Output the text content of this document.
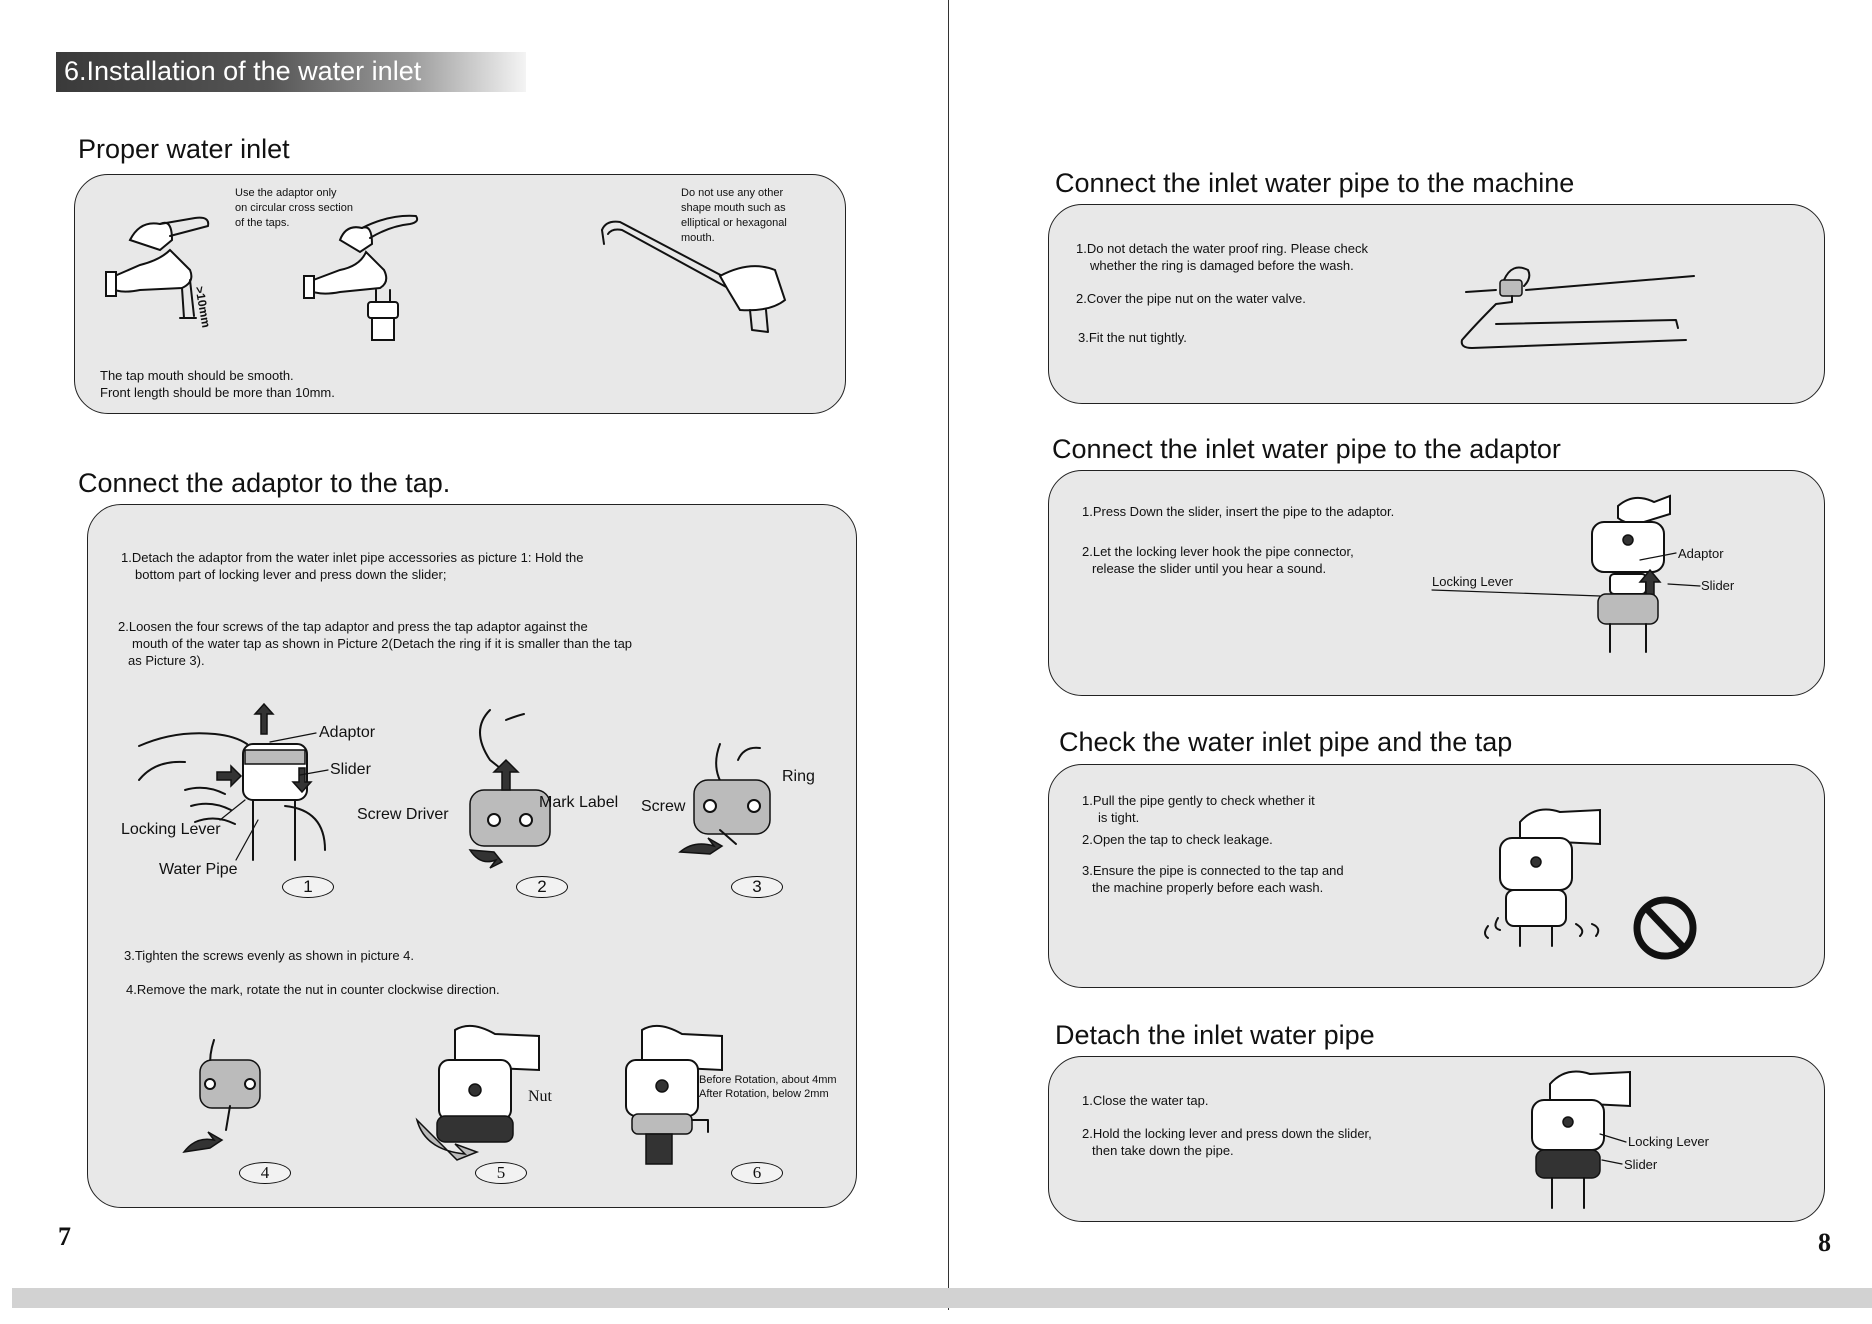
6.Installation of the water inlet
Proper water inlet
Use the adaptor only
on circular cross section
of the taps.
Do not use any other
shape mouth such as
elliptical or hexagonal
mouth.
>10mm
The tap mouth should be smooth.
Front length should be more than 10mm.
Connect the adaptor to the tap.
1.Detach the adaptor from the water inlet pipe accessories as picture 1: Hold the
bottom part of locking lever and press down the slider;
2.Loosen the four screws of the tap adaptor and press the tap adaptor against the
mouth of the water tap as shown in Picture 2(Detach the ring if it is smaller than the tap
as Picture 3).
Adaptor
Slider
Locking Lever
Water Pipe
1
Screw Driver
Mark Label
2
Screw
Ring
3
3.Tighten the screws evenly as shown in picture 4.
4.Remove the mark, rotate the nut in counter clockwise direction.
4
Nut
5
Before Rotation, about 4mm
After Rotation, below 2mm
6
7
Connect the inlet water pipe to the machine
1.Do not detach the water proof ring. Please check
whether the ring is damaged before the wash.
2.Cover the pipe nut on the water valve.
3.Fit the nut tightly.
Connect the inlet water pipe to the adaptor
1.Press Down the slider, insert the pipe to the adaptor.
2.Let the locking lever hook the pipe connector,
release the slider until you hear a sound.
Adaptor
Locking Lever	Slider
Check the water inlet pipe and the tap
1.Pull the pipe gently to check whether it
is tight.
2.Open the tap to check leakage.
3.Ensure the pipe is connected to the tap and
the machine properly before each wash.
Detach the inlet water pipe
1.Close the water tap.
2.Hold the locking lever and press down the slider,
then take down the pipe.
Locking Lever
Slider
8
